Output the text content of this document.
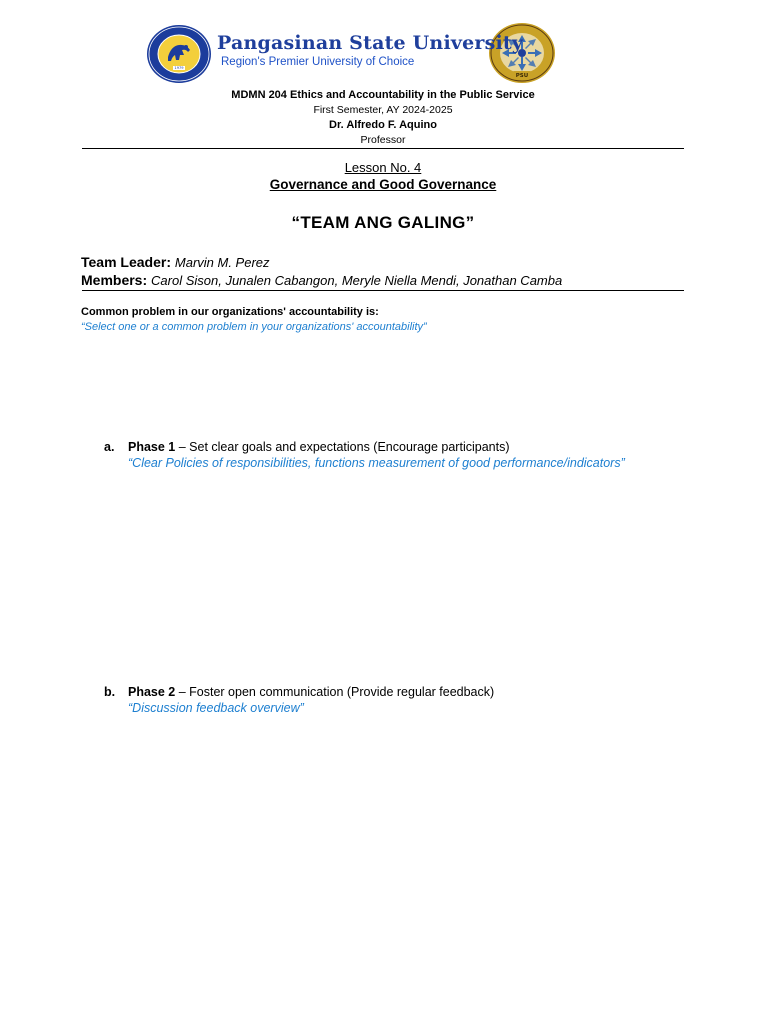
1979
PSU
Pangasinan State University
Region's Premier University of Choice
MDMN 204 Ethics and Accountability in the Public Service
First Semester, AY 2024-2025
Dr. Alfredo F. Aquino
Professor
Lesson No. 4
Governance and Good Governance
“TEAM ANG GALING”
Team Leader: Marvin M. Perez
Members: Carol Sison, Junalen Cabangon, Meryle Niella Mendi, Jonathan Camba
Common problem in our organizations' accountability is:
“Select one or a common problem in your organizations' accountability”
a. Phase 1 – Set clear goals and expectations (Encourage participants)
“Clear Policies of responsibilities, functions measurement of good performance/indicators”
b. Phase 2 – Foster open communication (Provide regular feedback)
“Discussion feedback overview”
